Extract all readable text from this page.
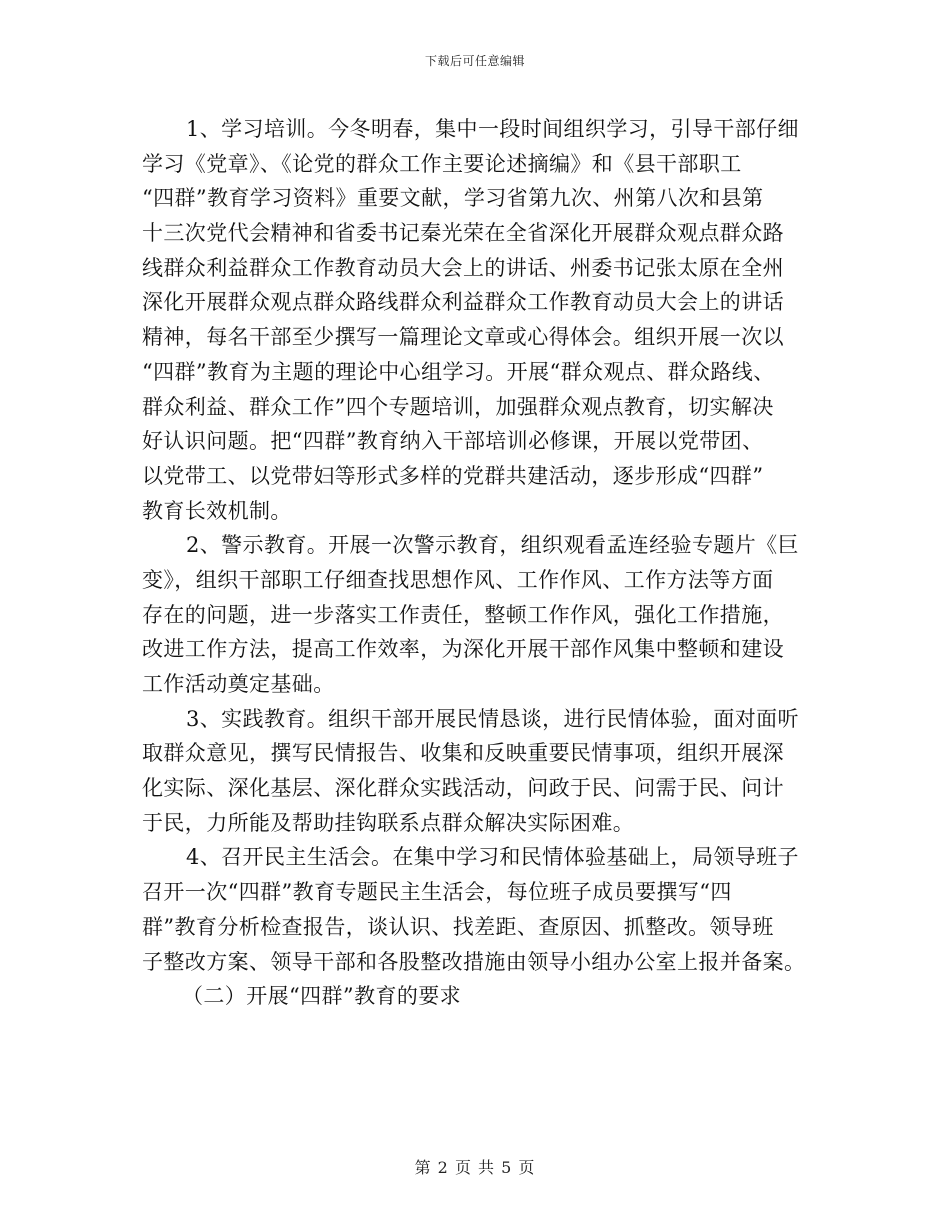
下载后可任意编辑
1、学习培训。今冬明春，集中一段时间组织学习，引导干部仔细
学习《党章》、《论党的群众工作主要论述摘编》和《县干部职工
“四群”教育学习资料》重要文献，学习省第九次、州第八次和县第
十三次党代会精神和省委书记秦光荣在全省深化开展群众观点群众路
线群众利益群众工作教育动员大会上的讲话、州委书记张太原在全州
深化开展群众观点群众路线群众利益群众工作教育动员大会上的讲话
精神，每名干部至少撰写一篇理论文章或心得体会。组织开展一次以
“四群”教育为主题的理论中心组学习。开展“群众观点、群众路线、
群众利益、群众工作”四个专题培训，加强群众观点教育，切实解决
好认识问题。把“四群”教育纳入干部培训必修课，开展以党带团、
以党带工、以党带妇等形式多样的党群共建活动，逐步形成“四群”
教育长效机制。
2、警示教育。开展一次警示教育，组织观看孟连经验专题片《巨
变》，组织干部职工仔细查找思想作风、工作作风、工作方法等方面
存在的问题，进一步落实工作责任，整顿工作作风，强化工作措施，
改进工作方法，提高工作效率，为深化开展干部作风集中整顿和建设
工作活动奠定基础。
3、实践教育。组织干部开展民情恳谈，进行民情体验，面对面听
取群众意见，撰写民情报告、收集和反映重要民情事项，组织开展深
化实际、深化基层、深化群众实践活动，问政于民、问需于民、问计
于民，力所能及帮助挂钩联系点群众解决实际困难。
4、召开民主生活会。在集中学习和民情体验基础上，局领导班子
召开一次“四群”教育专题民主生活会，每位班子成员要撰写“四
群”教育分析检查报告，谈认识、找差距、查原因、抓整改。领导班
子整改方案、领导干部和各股整改措施由领导小组办公室上报并备案。
（二）开展“四群”教育的要求
第 2 页 共 5 页
